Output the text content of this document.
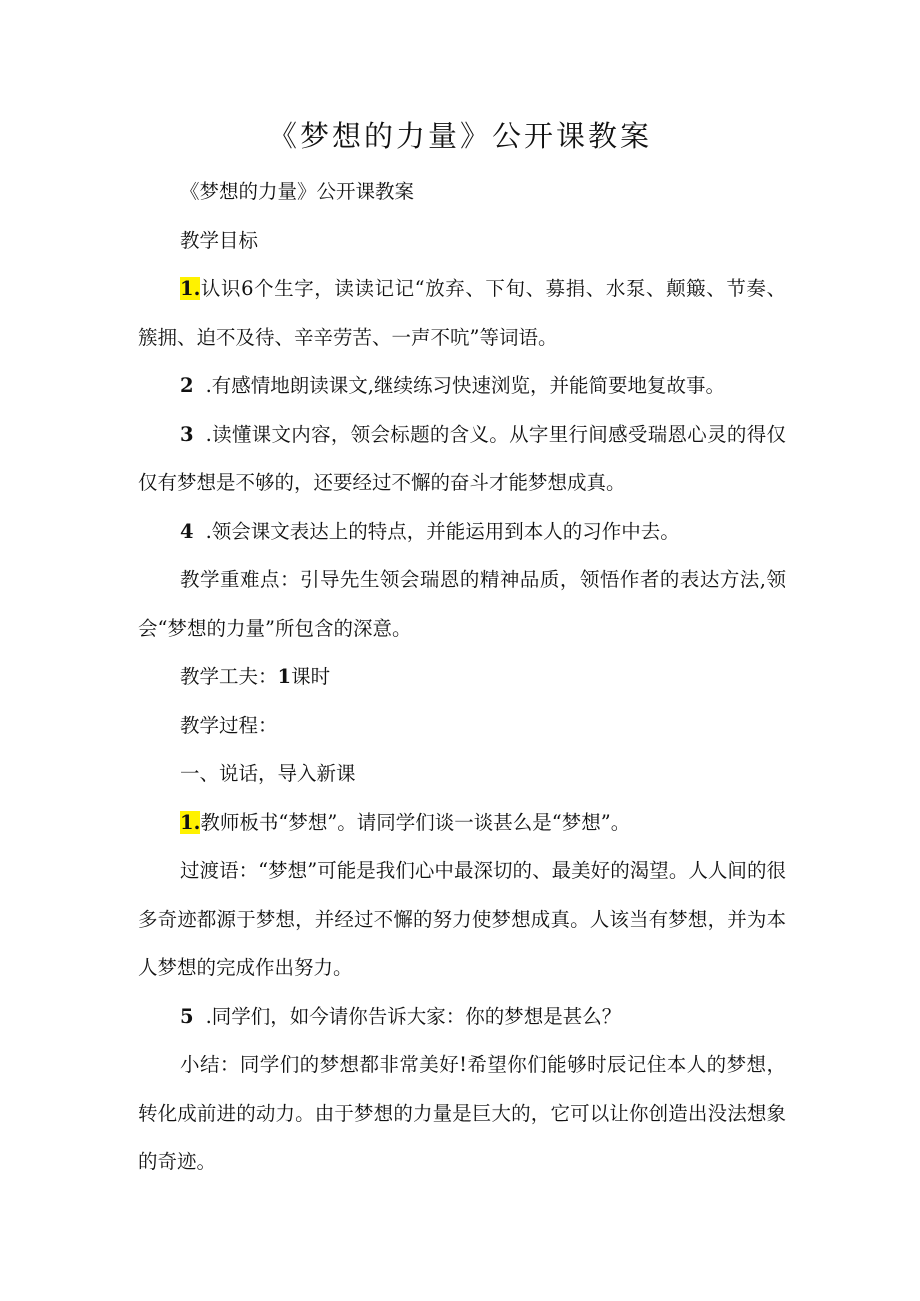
《梦想的力量》公开课教案

《梦想的力量》公开课教案

教学目标

1.认识6个生字，读读记记“放弃、下旬、募捐、水泵、颠簸、节奏、簇拥、迫不及待、辛辛劳苦、一声不吭”等词语。

2 .有感情地朗读课文,继续练习快速浏览，并能简要地复故事。

3 .读懂课文内容，领会标题的含义。从字里行间感受瑞恩心灵的得仅仅有梦想是不够的，还要经过不懈的奋斗才能梦想成真。

4 .领会课文表达上的特点，并能运用到本人的习作中去。

教学重难点：引导先生领会瑞恩的精神品质，领悟作者的表达方法,领会“梦想的力量”所包含的深意。

教学工夫：1课时

教学过程：

一、说话，导入新课

1.教师板书“梦想”。请同学们谈一谈甚么是“梦想”。

过渡语：“梦想”可能是我们心中最深切的、最美好的渴望。人人间的很多奇迹都源于梦想，并经过不懈的努力使梦想成真。人该当有梦想，并为本人梦想的完成作出努力。

5 .同学们，如今请你告诉大家：你的梦想是甚么？

小结：同学们的梦想都非常美好!希望你们能够时辰记住本人的梦想，转化成前进的动力。由于梦想的力量是巨大的，它可以让你创造出没法想象的奇迹。
